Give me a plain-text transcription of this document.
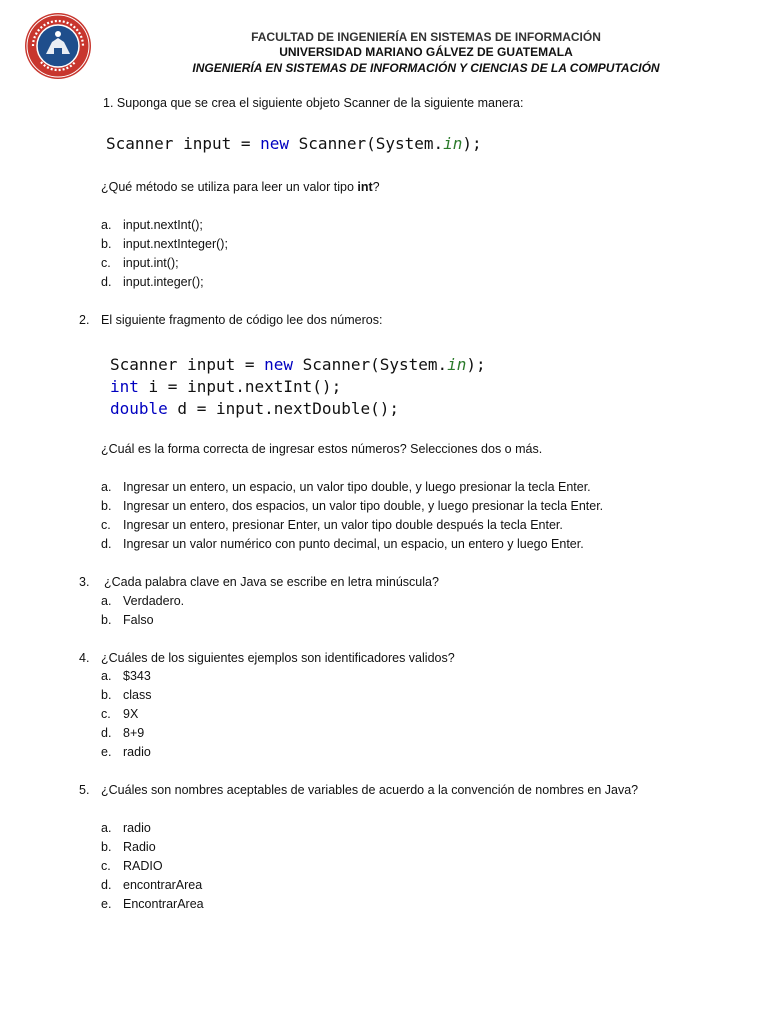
FACULTAD DE INGENIERÍA EN SISTEMAS DE INFORMACIÓN
UNIVERSIDAD MARIANO GÁLVEZ DE GUATEMALA
INGENIERÍA EN SISTEMAS DE INFORMACIÓN Y CIENCIAS DE LA COMPUTACIÓN
1. Suponga que se crea el siguiente objeto Scanner de la siguiente manera:
Scanner input = new Scanner(System.in);
¿Qué método se utiliza para leer un valor tipo int?
a. input.nextInt();
b. input.nextInteger();
c. input.int();
d. input.integer();
2. El siguiente fragmento de código lee dos números:
Scanner input = new Scanner(System.in);
int i = input.nextInt();
double d = input.nextDouble();
¿Cuál es la forma correcta de ingresar estos números? Selecciones dos o más.
a. Ingresar un entero, un espacio, un valor tipo double, y luego presionar la tecla Enter.
b. Ingresar un entero, dos espacios, un valor tipo double, y luego presionar la tecla Enter.
c. Ingresar un entero, presionar Enter, un valor tipo double después la tecla Enter.
d. Ingresar un valor numérico con punto decimal, un espacio, un entero y luego Enter.
3. ¿Cada palabra clave en Java se escribe en letra minúscula?
a. Verdadero.
b. Falso
4. ¿Cuáles de los siguientes ejemplos son identificadores validos?
a. $343
b. class
c. 9X
d. 8+9
e. radio
5. ¿Cuáles son nombres aceptables de variables de acuerdo a la convención de nombres en Java?
a. radio
b. Radio
c. RADIO
d. encontrarArea
e. EncontrarArea
